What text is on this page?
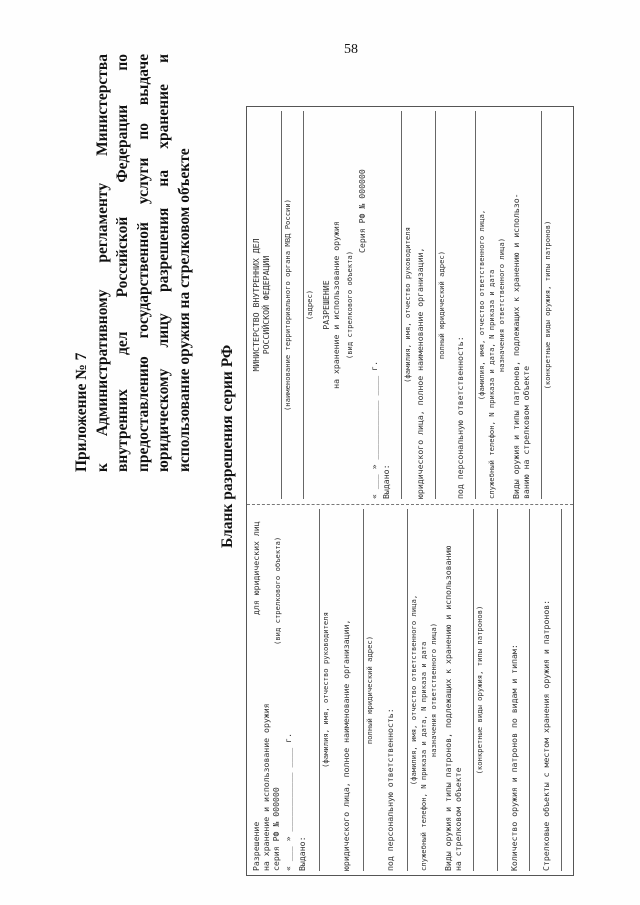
58
Приложение № 7 к Административному регламенту Министерства внутренних дел Российской Федерации по предоставлению государственной услуги по выдаче юридическому лицу разрешения на хранение и использование оружия на стрелковом объекте Бланк разрешения серии РФ
Разрешение на хранение и использование оружия серия РФ № 000000 « ___ » ____________ ____ г. Выдано:
(фамилия, имя, отчество руководителя юридического лица, полное наименование организации, полный юридический адрес)
под персональную ответственность:
(фамилия, имя, отчество ответственного лица, служебный телефон, N приказа и дата, N приказа и дата назначения ответственного лица) Виды оружия и типы патронов, подлежащих к хранению и использованию на стрелковом объекте
(конкретные виды оружия, типы патронов)	Количество оружия и патронов по видам и типам:	Стрелковые объекты с местом хранения оружия и патронов:
для юридических лиц (вид стрелкового объекта)
МИНИСТЕРСТВО ВНУТРЕННИХ ДЕЛ РОССИЙСКОЙ ФЕДЕРАЦИИ (наименование территориального органа МВД России) (адрес) РАЗРЕШЕНИЕ на хранение и использование оружия (вид стрелкового объекта)
Серия РФ № 000000
« ___ » ____________ ____ г. Выдано:
(фамилия, имя, отчество руководителя юридического лица, полное наименование организации, полный юридический адрес)
под персональную ответственность:
(фамилия, имя, отчество ответственного лица, служебный телефон, N приказа и дата, N приказа и дата назначения ответственного лица) Виды оружия и типы патронов, подлежащих к хранению и использо- ванию на стрелковом объекте
(конкретные виды оружия, типы патронов)
